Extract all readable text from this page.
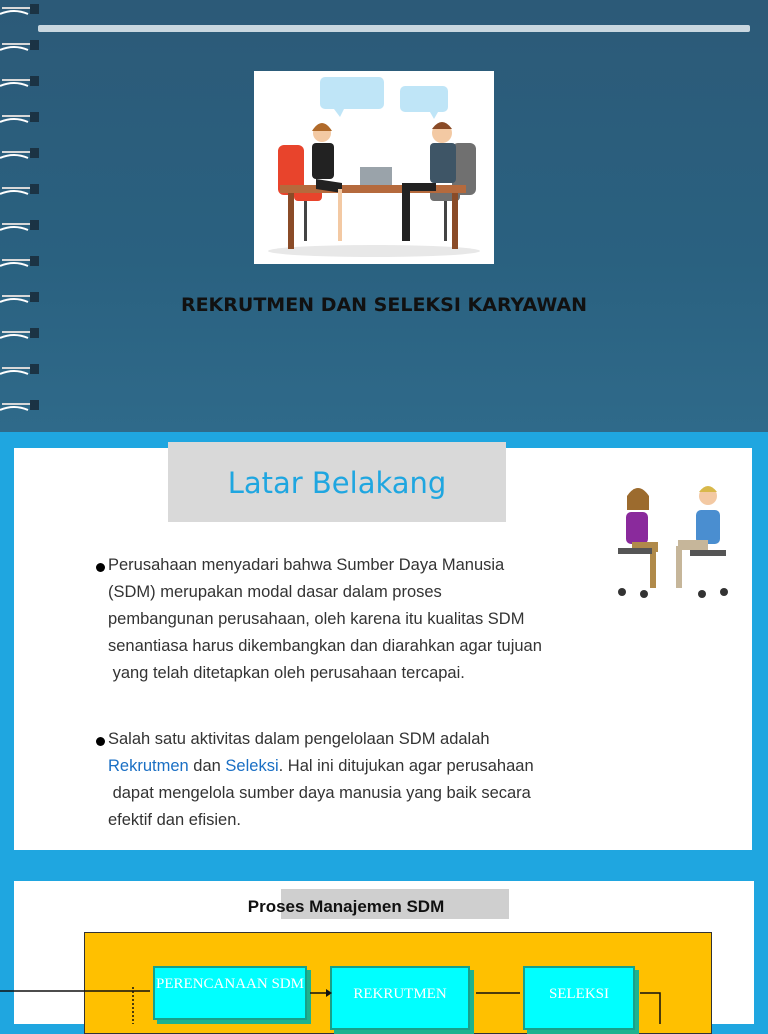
REKRUTMEN DAN SELEKSI KARYAWAN
Latar Belakang
Perusahaan menyadari bahwa Sumber Daya Manusia
(SDM) merupakan modal dasar dalam proses
pembangunan perusahaan, oleh karena itu kualitas SDM
senantiasa harus dikembangkan dan diarahkan agar tujuan
yang telah ditetapkan oleh perusahaan tercapai.
Salah satu aktivitas dalam pengelolaan SDM adalah
Rekrutmen dan Seleksi. Hal ini ditujukan agar perusahaan
dapat mengelola sumber daya manusia yang baik secara
efektif dan efisien.
Proses Manajemen SDM
PERENCANAAN SDM
REKRUTMEN	SELEKSI
